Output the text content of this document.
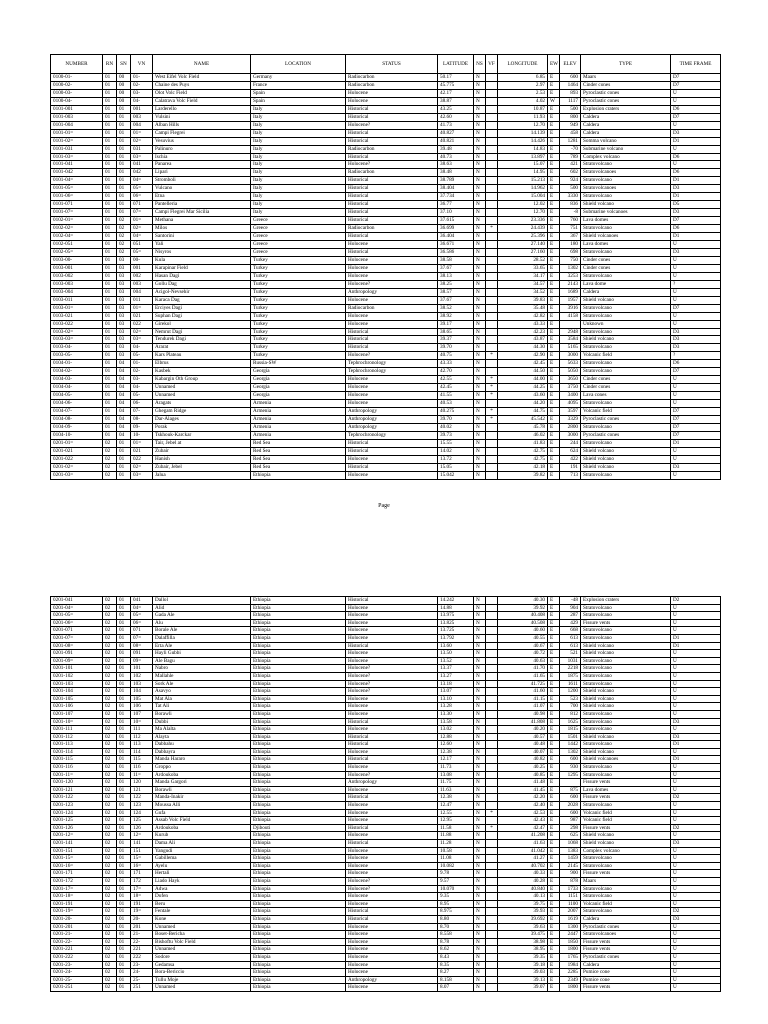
NUMBER	RN	SN	VN	NAME	LOCATION	STATUS	LATITUDE	NS	VF	LONGITUDE	EW	ELEV	TYPE	TIME FRAME
0100-01-	01	00	01-	West Eifel Volc Field	Germany	Radiocarbon	50.17	N		6.85	E	600	Maars	D7
0100-02-	01	00	02-	Chaine des Puys	France	Radiocarbon	45.775	N		2.97	E	1464	Cinder cones	D7
0100-03-	01	00	03-	Olot Volc Field	Spain	Holocene	42.17	N		2.53	E	893	Pyroclastic cones	U
0100-04-	01	00	04-	Calatrava Volc Field	Spain	Holocene	38.87	N		4.02	W	1117	Pyroclastic cones	U
0101-001	01	01	001	Larderello	Italy	Historical	43.25	N		10.87	E	500	Explosion craters	D6
0101-003	01	01	003	Vulsini	Italy	Historical	42.60	N		11.93	E	800	Caldera	D7
0101-004	01	01	004	Alban Hills	Italy	Holocene?	41.73	N		12.70	E	949	Caldera	U
0101-01=	01	01	01=	Campi Flegrei	Italy	Historical	40.827	N		14.139	E	458	Caldera	D3
0101-02=	01	01	02=	Vesuvius	Italy	Historical	40.821	N		14.426	E	1281	Somma volcano	D1
0101-031	01	01	031	Palinuro	Italy	Radiocarbon	39.48	N		14.83	E	-70	Submarine volcano	U
0101-03=	01	01	03=	Ischia	Italy	Historical	40.73	N		13.897	E	789	Complex volcano	D6
0101-041	01	01	041	Panarea	Italy	Holocene?	38.63	N		15.07	E	421	Stratovolcano	U
0101-042	01	01	042	Lipari	Italy	Radiocarbon	38.48	N		14.95	E	602	Stratovolcanoes	D6
0101-04=	01	01	04=	Stromboli	Italy	Historical	38.789	N		15.213	E	924	Stratovolcano	D1
0101-05=	01	01	05=	Vulcano	Italy	Historical	38.404	N		14.962	E	500	Stratovolcanoes	D3
0101-06=	01	01	06=	Etna	Italy	Historical	37.734	N		15.004	E	3330	Stratovolcano	D1
0101-071	01	01	071	Pantelleria	Italy	Historical	36.77	N		12.02	E	836	Shield volcano	D5
0101-07=	01	01	07=	Campi Flegrei Mar Sicilia	Italy	Historical	37.10	N		12.70	E	-8	Submarine volcanoes	D3
0102-01=	01	02	01=	Methana	Greece	Historical	37.615	N		23.336	E	760	Lava domes	D7
0102-02=	01	02	02=	Milos	Greece	Radiocarbon	36.699	N	*	24.439	E	751	Stratovolcano	D6
0102-04=	01	02	04=	Santorini	Greece	Historical	36.404	N		25.396	E	367	Shield volcanoes	D1
0102-051	01	02	051	Yali	Greece	Holocene	36.671	N		27.140	E	180	Lava domes	U
0102-05=	01	02	05=	Nisyros	Greece	Historical	36.586	N		27.160	E	698	Stratovolcano	D3
0103-00-	01	03	00-	Kula	Turkey	Holocene	38.58	N		28.52	E	750	Cinder cones	U
0103-001	01	03	001	Karapinar Field	Turkey	Holocene	37.67	N		33.65	E	1302	Cinder cones	U
0103-002	01	03	002	Hasan Dagi	Turkey	Holocene	38.13	N		34.17	E	3253	Stratovolcano	U
0103-003	01	03	003	Gollu Dag	Turkey	Holocene?	38.25	N		34.57	E	2143	Lava dome	?
0103-004	01	03	004	Acigol-Nevsehir	Turkey	Anthropology	38.57	N		34.52	E	1689	Caldera	U
0103-011	01	03	011	Karaca Dag	Turkey	Holocene	37.67	N		39.83	E	1957	Shield volcano	U
0103-01=	01	03	01=	Erciyes Dagi	Turkey	Radiocarbon	38.52	N		35.48	E	3916	Stratovolcano	D7
0103-021	01	03	021	Suphan Dagi	Turkey	Holocene	38.92	N		42.82	E	4158	Stratovolcano	U
0103-022	01	03	022	Girekol	Turkey	Holocene	39.17	N		43.33	E		Unknown	U
0103-02=	01	03	02=	Nemrut Dagi	Turkey	Historical	38.65	N		42.23	E	2948	Stratovolcano	D3
0103-03=	01	03	03=	Tendurek Dagi	Turkey	Historical	39.37	N		43.87	E	3584	Shield volcano	D3
0103-04-	01	03	04-	Ararat	Turkey	Historical	39.70	N		44.30	E	5165	Stratovolcano	D3
0103-05-	01	03	05-	Kars Plateau	Turkey	Holocene?	40.75	N	*	42.90	E	3000	Volcanic field	?
0104-01-	01	04	01-	Elbrus	Russia-SW	Tephrochronology	43.33	N		42.45	E	5633	Stratovolcano	D6
0104-02-	01	04	02-	Kasbek	Georgia	Tephrochronology	42.70	N		44.50	E	5050	Stratovolcano	D7
0104-03-	01	04	03-	Kabargin Oth Group	Georgia	Holocene	42.55	N	*	44.00	E	3650	Cinder cones	U
0104-04-	01	04	04-	Unnamed	Georgia	Holocene	42.45	N	*	44.25	E	3750	Cinder cones	U
0104-05-	01	04	05-	Unnamed	Georgia	Holocene	41.55	N	*	43.60	E	3400	Lava cones	U
0104-06-	01	04	06-	Aragats	Armenia	Holocene	40.53	N		44.20	E	4095	Stratovolcano	U
0104-07-	01	04	07-	Ghegam Ridge	Armenia	Anthropology	40.275	N	*	44.75	E	3597	Volcanic field	D7
0104-08-	01	04	08-	Dar-Alages	Armenia	Anthropology	39.70	N	*	45.542	E	3329	Pyroclastic cones	D7
0104-09-	01	04	09-	Porak	Armenia	Anthropology	40.02	N		45.78	E	2800	Stratovolcano	D7
0104-10-	01	04	10-	Tskhouk-Karckar	Armenia	Tephrochronology	39.73	N		46.02	E	3000	Pyroclastic cones	D7
0201-01=	02	01	01=	Tair, Jebel at	Red Sea	Historical	15.55	N		41.83	E	244	Stratovolcano	D1
0201-021	02	01	021	Zubair	Red Sea	Historical	14.02	N		42.75	E	624	Shield volcano	U
0201-022	02	01	022	Hanish	Red Sea	Holocene	13.72	N		42.75	E	422	Shield volcano	U
0201-02=	02	01	02=	Zubair, Jebel	Red Sea	Historical	15.05	N		42.18	E	191	Shield volcano	D3
0201-03=	02	01	03=	Jalua	Ethiopia	Holocene	15.042	N		39.82	E	713	Stratovolcano	U
Page
0201-041	02	01	041	Dallol	Ethiopia	Historical	14.242	N		40.30	E	-48	Explosion craters	D2
0201-04=	02	01	04=	Alid	Ethiopia	Holocene	14.88	N		39.92	E	904	Stratovolcano	U
0201-05=	02	01	05=	Gada Ale	Ethiopia	Holocene	13.975	N		40.408	E	287	Stratovolcano	U
0201-06=	02	01	06=	Alu	Ethiopia	Holocene	13.825	N		40.508	E	429	Fissure vents	U
0201-071	02	01	071	Borale Ale	Ethiopia	Holocene	13.725	N		40.60	E	668	Stratovolcano	U
0201-07=	02	01	07=	Dalaffilla	Ethiopia	Holocene	13.792	N		40.55	E	613	Stratovolcano	D1
0201-08=	02	01	08=	Erta Ale	Ethiopia	Historical	13.60	N		40.67	E	613	Shield volcano	D1
0201-091	02	01	091	Hayli Gubbi	Ethiopia	Holocene	13.50	N		40.72	E	521	Shield volcano	U
0201-09=	02	01	09=	Ale Bagu	Ethiopia	Holocene	13.52	N		40.63	E	1031	Stratovolcano	U
0201-101	02	01	101	Nabro	Ethiopia	Holocene?	13.37	N		41.70	E	2218	Stratovolcano	U
0201-102	02	01	102	Mallahle	Ethiopia	Holocene?	13.27	N		41.65	E	1875	Stratovolcano	U
0201-103	02	01	103	Sork Ale	Ethiopia	Holocene?	13.18	N		41.725	E	1611	Stratovolcano	U
0201-104	02	01	104	Asavyo	Ethiopia	Holocene?	13.07	N		41.60	E	1200	Shield volcano	U
0201-105	02	01	105	Mat Ala	Ethiopia	Holocene	13.10	N		41.15	E	523	Shield volcano	U
0201-106	02	01	106	Tat Ali	Ethiopia	Holocene	13.28	N		41.07	E	700	Shield volcano	U
0201-107	02	01	107	Borawli	Ethiopia	Holocene	13.30	N		40.98	E	812	Stratovolcano	U
0201-10=	02	01	10=	Dubbi	Ethiopia	Historical	13.58	N		41.808	E	1625	Stratovolcano	D3
0201-111	02	01	111	Ma Alalta	Ethiopia	Holocene	13.02	N		40.20	E	1815	Stratovolcano	U
0201-112	02	01	112	Alayta	Ethiopia	Historical	12.88	N		40.57	E	1501	Shield volcano	D3
0201-113	02	01	113	Dabbahu	Ethiopia	Historical	12.60	N		40.48	E	1442	Stratovolcano	D1
0201-114	02	01	114	Dabbayra	Ethiopia	Holocene	12.38	N		40.07	E	1302	Shield volcano	U
0201-115	02	01	115	Manda Hararo	Ethiopia	Historical	12.17	N		40.82	E	600	Shield volcanoes	D1
0201-116	02	01	116	Groppo	Ethiopia	Holocene	11.73	N		40.25	E	930	Stratovolcano	U
0201-11=	02	01	11=	Ardoukoba	Ethiopia	Holocene?	13.08	N		40.85	E	1295	Stratovolcano	U
0201-120	02	01	120	Manda Gargori	Ethiopia	Anthropology	11.75	N		41.48	E		Fissure vents	U
0201-121	02	01	121	Borawli	Ethiopia	Holocene	11.63	N		41.45	E	875	Lava domes	U
0201-122	02	01	122	Manda-Inakir	Ethiopia	Historical	12.38	N		42.20	E	600	Fissure vents	D2
0201-123	02	01	123	Moussa Alli	Ethiopia	Holocene	12.47	N		42.40	E	2028	Stratovolcano	U
0201-124	02	01	124	Gufa	Ethiopia	Holocene	12.55	N	*	42.53	E	600	Volcanic field	U
0201-125	02	01	125	Assab Volc Field	Ethiopia	Holocene	12.95	N		42.43	E	987	Volcanic field	U
0201-126	02	01	126	Ardoukoba	Djibouti	Historical	11.58	N	*	42.47	E	298	Fissure vents	D2
0201-12=	02	01	12=	Kurub	Ethiopia	Holocene	11.88	N		41.208	E	625	Shield volcano	U
0201-141	02	01	141	Dama Ali	Ethiopia	Historical	11.28	N		41.63	E	1068	Shield volcano	D3
0201-151	02	01	151	Yangudi	Ethiopia	Holocene	10.58	N		41.042	E	1383	Complex volcano	U
0201-15=	02	01	15=	Gabillema	Ethiopia	Holocene	11.08	N		41.27	E	1459	Stratovolcano	U
0201-16=	02	01	16=	Ayelu	Ethiopia	Holocene	10.082	N		40.702	E	2145	Stratovolcano	U
0201-171	02	01	171	Hertali	Ethiopia	Holocene	9.78	N		40.33	E	900	Fissure vents	U
0201-172	02	01	172	Liado Hayk	Ethiopia	Holocene?	9.57	N		40.28	E	878	Maars	U
0201-17=	02	01	17=	Adwa	Ethiopia	Holocene?	10.070	N		40.840	E	1733	Stratovolcano	U
0201-18=	02	01	18=	Dofen	Ethiopia	Holocene	9.35	N		40.13	E	1151	Stratovolcano	U
0201-191	02	01	191	Beru	Ethiopia	Holocene	8.95	N		39.75	E	1100	Volcanic field	U
0201-19=	02	01	19=	Fentale	Ethiopia	Historical	8.975	N		39.93	E	2007	Stratovolcano	D2
0201-20-	02	01	20-	Kone	Ethiopia	Historical	8.80	N		39.692	E	1619	Caldera	D3
0201-201	02	01	201	Unnamed	Ethiopia	Holocene	8.70	N		39.63	E	1300	Pyroclastic cones	U
0201-21-	02	01	21-	Boset-Bericha	Ethiopia	Holocene	8.558	N		39.475	E	2447	Stratovolcanoes	U
0201-22-	02	01	22-	Bishoftu Volc Field	Ethiopia	Holocene	8.78	N		38.98	E	1850	Fissure vents	U
0201-221	02	01	221	Unnamed	Ethiopia	Holocene	8.62	N		38.95	E	1800	Fissure vents	U
0201-222	02	01	222	Sodore	Ethiopia	Holocene	8.43	N		39.35	E	1765	Pyroclastic cones	U
0201-23-	02	01	23-	Gedamsa	Ethiopia	Holocene	8.35	N		39.18	E	1984	Caldera	U
0201-24-	02	01	24-	Bora-Bericcio	Ethiopia	Holocene	8.27	N		39.03	E	2285	Pumice cone	U
0201-25-	02	01	25-	Tullu Moje	Ethiopia	Anthropology	8.158	N		39.13	E	2349	Pumice cone	U
0201-251	02	01	251	Unnamed	Ethiopia	Holocene	8.07	N		39.07	E	1800	Fissure vents	U
